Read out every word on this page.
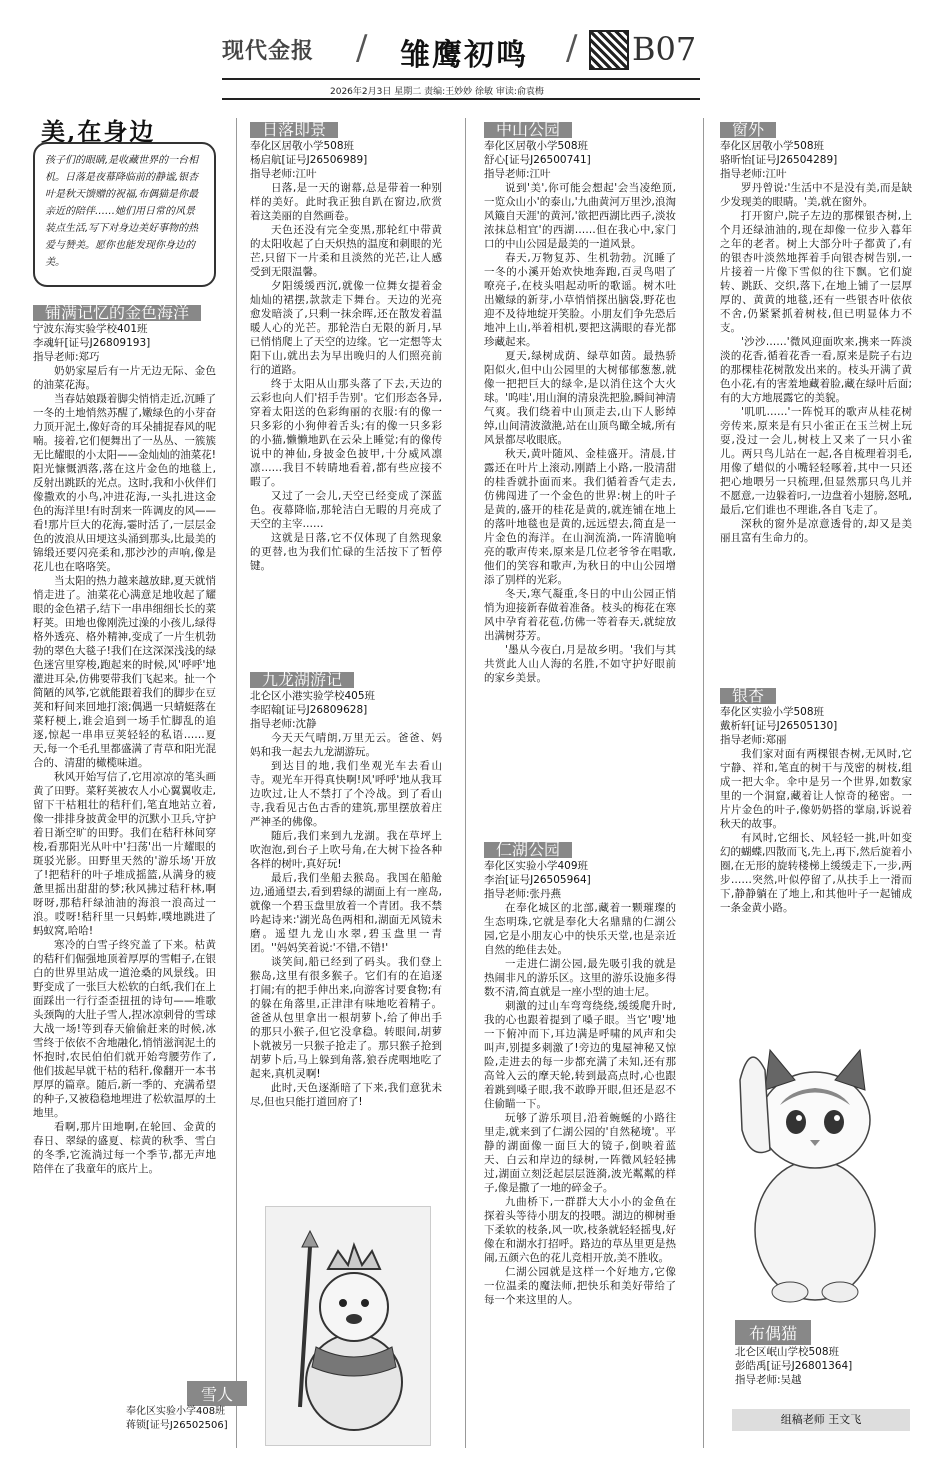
现代金报 / 雏鹰初鸣 / B07
2026年2月3日 星期二 责编:王妙妙 徐敏 审读:俞袁梅
美,在身边
孩子们的眼睛,是收藏世界的一台相机。日落是夜幕降临前的静谧,银杏叶是秋天馈赠的祝福,布偶猫是你最亲近的陪伴……她们用日常的风景装点生活,写下对身边美好事物的热爱与赞美。愿你也能发现你身边的美。
铺满记忆的金色海洋
宁波东海实验学校401班
李魂轩[证号J26809193]
指导老师:郑巧

奶奶家屋后有一片无边无际、金色的油菜花海。

当春姑娘蹑着脚尖悄悄走近,沉睡了一冬的土地悄然苏醒了,嫩绿色的小芽奋力顶开泥土,像好奇的耳朵捕捉春风的呢喃。接着,它们便舞出了一丛丛、一簇簇无比耀眼的小太阳——金灿灿的油菜花!阳光慷慨洒落,落在这片金色的地毯上,反射出跳跃的光点。这时,我和小伙伴们像撒欢的小鸟,冲进花海,一头扎进这金色的海洋里!有时刮来一阵调皮的风——看!那片巨大的花海,霎时活了,一层层金色的波浪从田埂这头涌到那头,比最美的锦缎还要闪亮柔和,那沙沙的声响,像是花儿也在咯咯笑。

当太阳的热力越来越放肆,夏天就悄悄走进了。油菜花心满意足地收起了耀眼的金色裙子,结下一串串细细长长的菜籽荚。田地也像刚洗过澡的小孩儿,绿得格外透亮、格外精神,变成了一片生机勃勃的翠色大毯子!我们在这深深浅浅的绿色迷宫里穿梭,跑起来的时候,风'呼呼'地灌进耳朵,仿佛要带我们飞起来。扯一个简陋的风筝,它就能跟着我们的脚步在豆荚和籽间来回地打滚;偶遇一只蜻蜓落在菜籽梗上,谁会追到一场手忙脚乱的追逐,惊起一串串豆荚轻轻的私语……夏天,每一个毛孔里都盛满了青草和阳光混合的、清甜的橄榄味道。

秋风开始写信了,它用凉凉的笔头画黄了田野。菜籽荚被农人小心翼翼收走,留下干枯粗壮的秸秆们,笔直地站立着,像一排排身披黄金甲的沉默小卫兵,守护着日渐空旷的田野。我们在秸秆林间穿梭,看那阳光从叶中'扫荡'出一片耀眼的斑驳光影。田野里天然的'游乐场'开放了!把秸秆的叶子堆成摇篮,从满身的疲惫里摇出甜甜的梦;秋风拂过秸秆林,啊呀呀,那秸秆绿油油的海浪一浪高过一浪。哎呀!秸秆里一只蚂蚱,噗地跳进了蚂蚁窝,哈哈!

寒冷的白雪子终究盖了下来。枯黄的秸秆们倔强地顶着厚厚的雪帽子,在银白的世界里站成一道沧桑的风景线。田野变成了一张巨大松软的白纸,我们在上面踩出一行行歪歪扭扭的诗句——堆歌头颈陶的大肚子雪人,捏冰凉刺骨的雪球大战一场!等到春天偷偷赶来的时候,冰雪终于依依不舍地融化,悄悄滋润泥土的怀抱时,农民伯伯们就开始弯腰劳作了,他们拔起早就干枯的秸秆,像翻开一本书厚厚的篇章。随后,新一季的、充满希望的种子,又被稳稳地埋进了松软温厚的土地里。

看啊,那片田地啊,在轮回、金黄的春日、翠绿的盛夏、棕黄的秋季、雪白的冬季,它流淌过每一个季节,都无声地陪伴在了我童年的底片上。

雪人
奉化区实验小学408班
蒋锁[证号J26502506]
日落即景
奉化区居敬小学508班
杨启航[证号J26506989]
指导老师:江叶

日落,是一天的谢幕,总是带着一种别样的美好。此时我正独自趴在窗边,欣赏着这美丽的自然画卷。

天色还没有完全变黑,那轮红中带黄的太阳收起了白天炽热的温度和刺眼的光芒,只留下一片柔和且淡然的光芒,让人感受到无限温馨。

夕阳缓缓西沉,就像一位舞女提着金灿灿的裙摆,款款走下舞台。天边的光亮愈发暗淡了,只剩一抹余晖,还在散发着温暖人心的光芒。那轮浩白无限的新月,早已悄悄爬上了天空的边缘。它一定想等太阳下山,就出去为早出晚归的人们照亮前行的道路。

终于太阳从山那头落了下去,天边的云彩也向人们'招手告别'。它们形态各异,穿着太阳送的色彩绚丽的衣服:有的像一只多彩的小狗伸着舌头;有的像一只多彩的小猫,懒懒地趴在云朵上睡觉;有的像传说中的神仙,身披金色披甲,十分威风凛凛……我目不转睛地看着,都有些应接不暇了。

又过了一会儿,天空已经变成了深蓝色。夜幕降临,那轮洁白无暇的月亮成了天空的主宰……

这就是日落,它不仅体现了自然现象的更替,也为我们忙碌的生活按下了暂停键。

九龙湖游记
北仑区小港实验学校405班
李昭翰[证号J26809628]
指导老师:沈静

今天天气晴朗,万里无云。爸爸、妈妈和我一起去九龙湖游玩。

到达目的地,我们坐观光车去看山寺。观光车开得真快啊!风'呼呼'地从我耳边吹过,让人不禁打了个冷战。到了看山寺,我看见古色古香的建筑,那里摆放着庄严神圣的佛像。

随后,我们来到九龙湖。我在草坪上吹泡泡,到台子上吹号角,在大树下捡各种各样的树叶,真好玩!

最后,我们坐船去猴岛。我国在船舱边,通通望去,看到碧绿的湖面上有一座岛,就像一个碧玉盘里放着一个青团。我不禁吟起诗来:'湖光岛色两相和,湖面无风镜未磨。遥望九龙山水翠,碧玉盘里一青团。''妈妈笑着说:'不错,不错!'

谈笑间,船已经到了码头。我们登上猴岛,这里有很多猴子。它们有的在追逐打闹;有的把手伸出来,向游客讨要食物;有的躲在角落里,正津津有味地吃着精子。爸爸从包里拿出一根胡萝卜,给了伸出手的那只小猴子,但它没拿稳。转眼间,胡萝卜就被另一只猴子抢走了。那只猴子抢到胡萝卜后,马上躲到角落,狼吞虎咽地吃了起来,真机灵啊!

此时,天色逐渐暗了下来,我们意犹未尽,但也只能打道回府了!

中山公园
奉化区居敬小学508班
舒心[证号J26500741]
指导老师:江叶

说到'美',你可能会想起'会当凌绝顶,一览众山小'的泰山,'九曲黄河万里沙,浪淘风簸自天涯'的黄河,'欲把西湖比西子,淡妆浓抹总相宜'的西湖……但在我心中,家门口的中山公园是最美的一道风景。

春天,万物复苏、生机勃勃。沉睡了一冬的小溪开始欢快地奔跑,百灵鸟唱了嘹亮子,在枝头唱起动听的歌谣。树木吐出嫩绿的新芽,小草悄悄探出脑袋,野花也迎不及待地绽开笑脸。小朋友们争先恐后地冲上山,举着相机,要把这满眼的春光都珍藏起来。

夏天,绿树成荫、绿草如茵。最热骄阳似火,但中山公园里的大树郁郁葱葱,就像一把把巨大的绿伞,是以消住这个大火球。'呜哇',用山涧的清泉洗把脸,瞬间神清气爽。我们绕着中山顶走去,山下人影绰绰,山间清波潋滟,站在山顶鸟瞰全城,所有风景都尽收眼底。

秋天,黄叶随风、金桂盛开。清晨,甘露还在叶片上滚动,刚踏上小路,一股清甜的桂香就扑面而来。我们循着香气走去,仿佛闯进了一个金色的世界:树上的叶子是黄的,盛开的桂花是黄的,就连铺在地上的落叶地毯也是黄的,远远望去,简直是一片金色的海洋。在山涧流淌,一阵清脆响亮的歌声传来,原来是几位老爷爷在唱歌,他们的笑容和歌声,为秋日的中山公园增添了别样的光彩。

冬天,寒气凝重,冬日的中山公园正悄悄为迎接新春做着准备。枝头的梅花在寒风中孕育着花苞,仿佛一等着春天,就绽放出满树芬芳。

'墨从今夜白,月是故乡明。'我们与其共赏此人山人海的名胜,不如守护好眼前的家乡美景。

仁湖公园
奉化区实验小学409班
李治[证号J26505964]
指导老师:张丹燕

在奉化城区的北部,藏着一颗璀璨的生态明珠,它就是奉化大名鼎鼎的仁湖公园,它是小朋友心中的快乐天堂,也是亲近自然的绝佳去处。

一走进仁湖公园,最先吸引我的就是热闹非凡的游乐区。这里的游乐设施多得数不清,简直就是一座小型的迪士尼。

刺激的过山车弯弯绕绕,缓缓爬升时,我的心也跟着提到了嗓子眼。当它'嗖'地一下俯冲而下,耳边满是呼啸的风声和尖叫声,别提多刺激了!旁边的鬼屋神秘又惊险,走进去的每一步都充满了未知,还有那高耸入云的摩天轮,转到最高点时,心也跟着跳到嗓子眼,我不敢睁开眼,但还是忍不住偷瞄一下。

玩够了游乐项目,沿着蜿蜒的小路往里走,就来到了仁湖公园的'自然秘境'。平静的湖面像一面巨大的镜子,倒映着蓝天、白云和岸边的绿树,一阵微风轻轻拂过,湖面立刻泛起层层涟漪,波光粼粼的样子,像是撒了一地的碎金子。

九曲桥下,一群群大大小小的金鱼在探着头等待小朋友的投喂。湖边的柳树垂下柔软的枝条,风一吹,枝条就轻轻摇曳,好像在和湖水打招呼。路边的草丛里更是热闹,五颜六色的花儿竞相开放,美不胜收。

仁湖公园就是这样一个好地方,它像一位温柔的魔法师,把快乐和美好带给了每一个来这里的人。

窗外
奉化区居敬小学508班
骆昕怡[证号J26504289]
指导老师:江叶

罗丹曾说:'生活中不是没有美,而是缺少发现美的眼睛。'美,就在窗外。

打开窗户,院子左边的那棵银杏树,上个月还绿油油的,现在却像一位步入暮年之年的老者。树上大部分叶子都黄了,有的银杏叶淡然地挥着手向银杏树告别,一片接着一片像下雪似的往下飘。它们旋转、跳跃、交织,落下,在地上铺了一层厚厚的、黄黄的地毯,还有一些银杏叶依依不舍,仍紧紧抓着树枝,但已明显体力不支。

'沙沙……'微风迎面吹来,携来一阵淡淡的花香,循着花香一看,原来是院子右边的那棵桂花树散发出来的。枝头开满了黄色小花,有的害羞地藏着脸,藏在绿叶后面;有的大方地展露它的美貌。

'叽叽……'一阵悦耳的歌声从桂花树旁传来,原来是有只小雀正在玉兰树上玩耍,没过一会儿,树枝上又来了一只小雀儿。两只鸟儿站在一起,各自梳理着羽毛,用像了蜡似的小嘴轻轻啄着,其中一只还把心地喂另一只梳理,但显然那只鸟儿并不愿意,一边躲着叼,一边盘着小翅膀,怒吼,最后,它们谁也不理谁,各自飞走了。

深秋的窗外是凉意透骨的,却又是美丽且富有生命力的。

银杏
奉化区实验小学508班
戴析轩[证号J26505130]
指导老师:郑丽

我们家对面有两棵银杏树,无风时,它宁静、祥和,笔直的树干与茂密的树枝,组成一把大伞。伞中是另一个世界,如数家里的一个洞窟,藏着让人惊奇的秘密。一片片金色的叶子,像奶奶搭的掌扇,诉说着秋天的故事。

有风时,它细长、风轻轻一挑,叶如变幻的蝴蝶,四散而飞,先上,再下,然后旋着小圈,在无形的旋转楼梯上缓缓走下,一步,两步……突然,叶似停留了,从扶手上一滑而下,静静躺在了地上,和其他叶子一起铺成一条金黄小路。

布偶猫
北仑区岷山学校508班
彭皓禹[证号J26801364]
指导老师:吴越
组稿老师 王文飞
